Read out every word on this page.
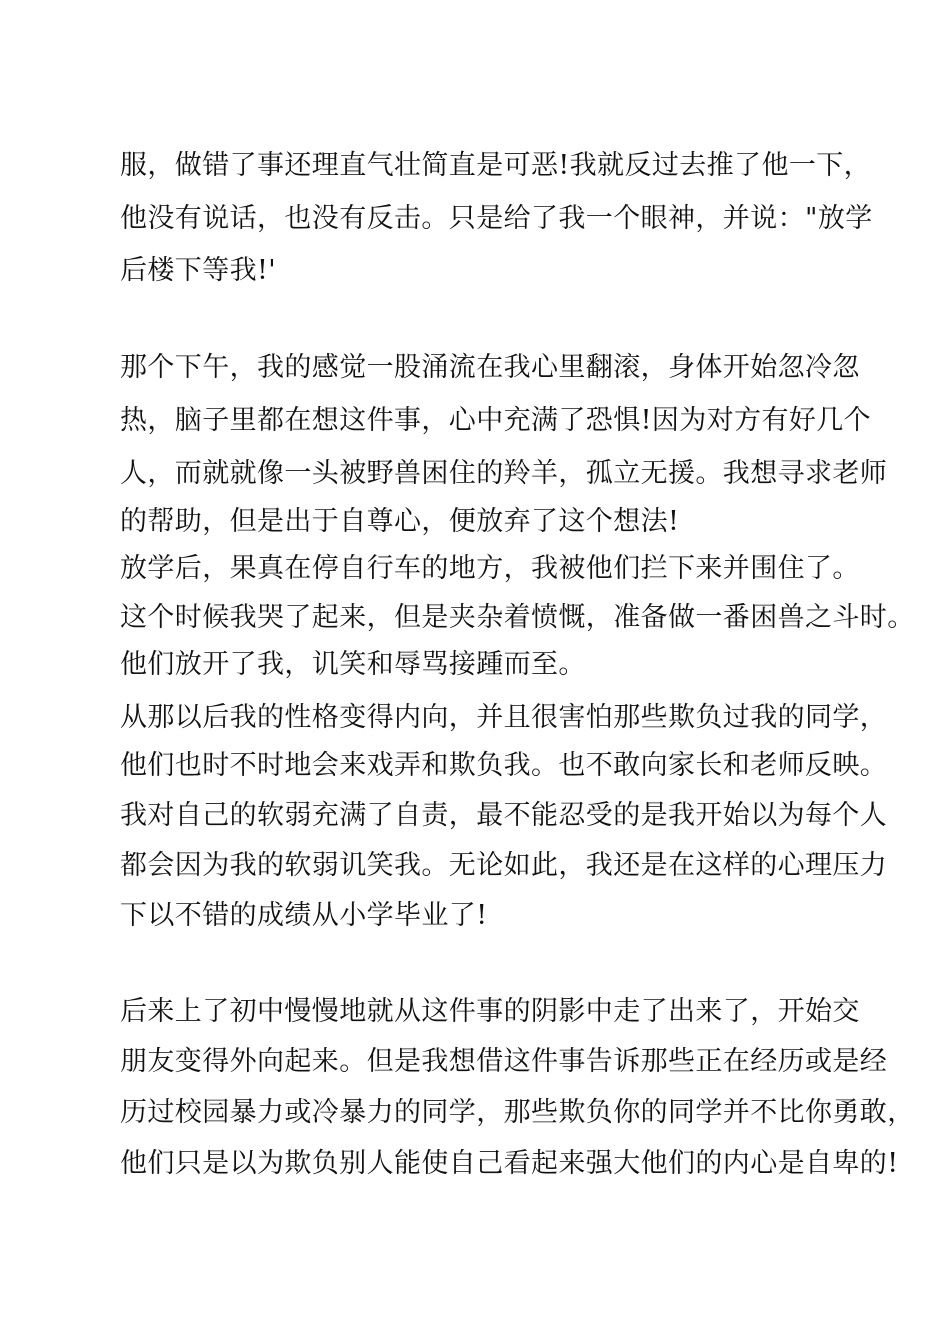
服，做错了事还理直气壮简直是可恶!我就反过去推了他一下，
他没有说话，也没有反击。只是给了我一个眼神，并说："放学
后楼下等我!'
那个下午，我的感觉一股涌流在我心里翻滚，身体开始忽冷忽
热，脑子里都在想这件事，心中充满了恐惧!因为对方有好几个
人，而就就像一头被野兽困住的羚羊，孤立无援。我想寻求老师
的帮助，但是出于自尊心，便放弃了这个想法!
放学后，果真在停自行车的地方，我被他们拦下来并围住了。
这个时候我哭了起来，但是夹杂着愤慨，准备做一番困兽之斗时。
他们放开了我，讥笑和辱骂接踵而至。
从那以后我的性格变得内向，并且很害怕那些欺负过我的同学，
他们也时不时地会来戏弄和欺负我。也不敢向家长和老师反映。
我对自己的软弱充满了自责，最不能忍受的是我开始以为每个人
都会因为我的软弱讥笑我。无论如此，我还是在这样的心理压力
下以不错的成绩从小学毕业了!
后来上了初中慢慢地就从这件事的阴影中走了出来了，开始交
朋友变得外向起来。但是我想借这件事告诉那些正在经历或是经
历过校园暴力或冷暴力的同学，那些欺负你的同学并不比你勇敢，
他们只是以为欺负别人能使自己看起来强大他们的内心是自卑的!
